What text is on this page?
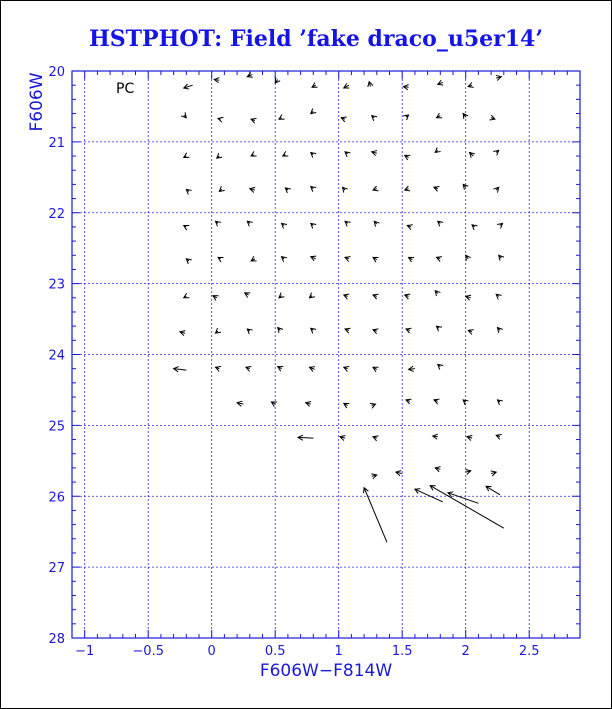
HSTPHOT: Field ’fake draco_u5er14’
−1	−0.5	0	0.5	1	1.5	2	2.5
20
21
22
23
24
25
26
27
28
PC
F606W−F814W
F606W
